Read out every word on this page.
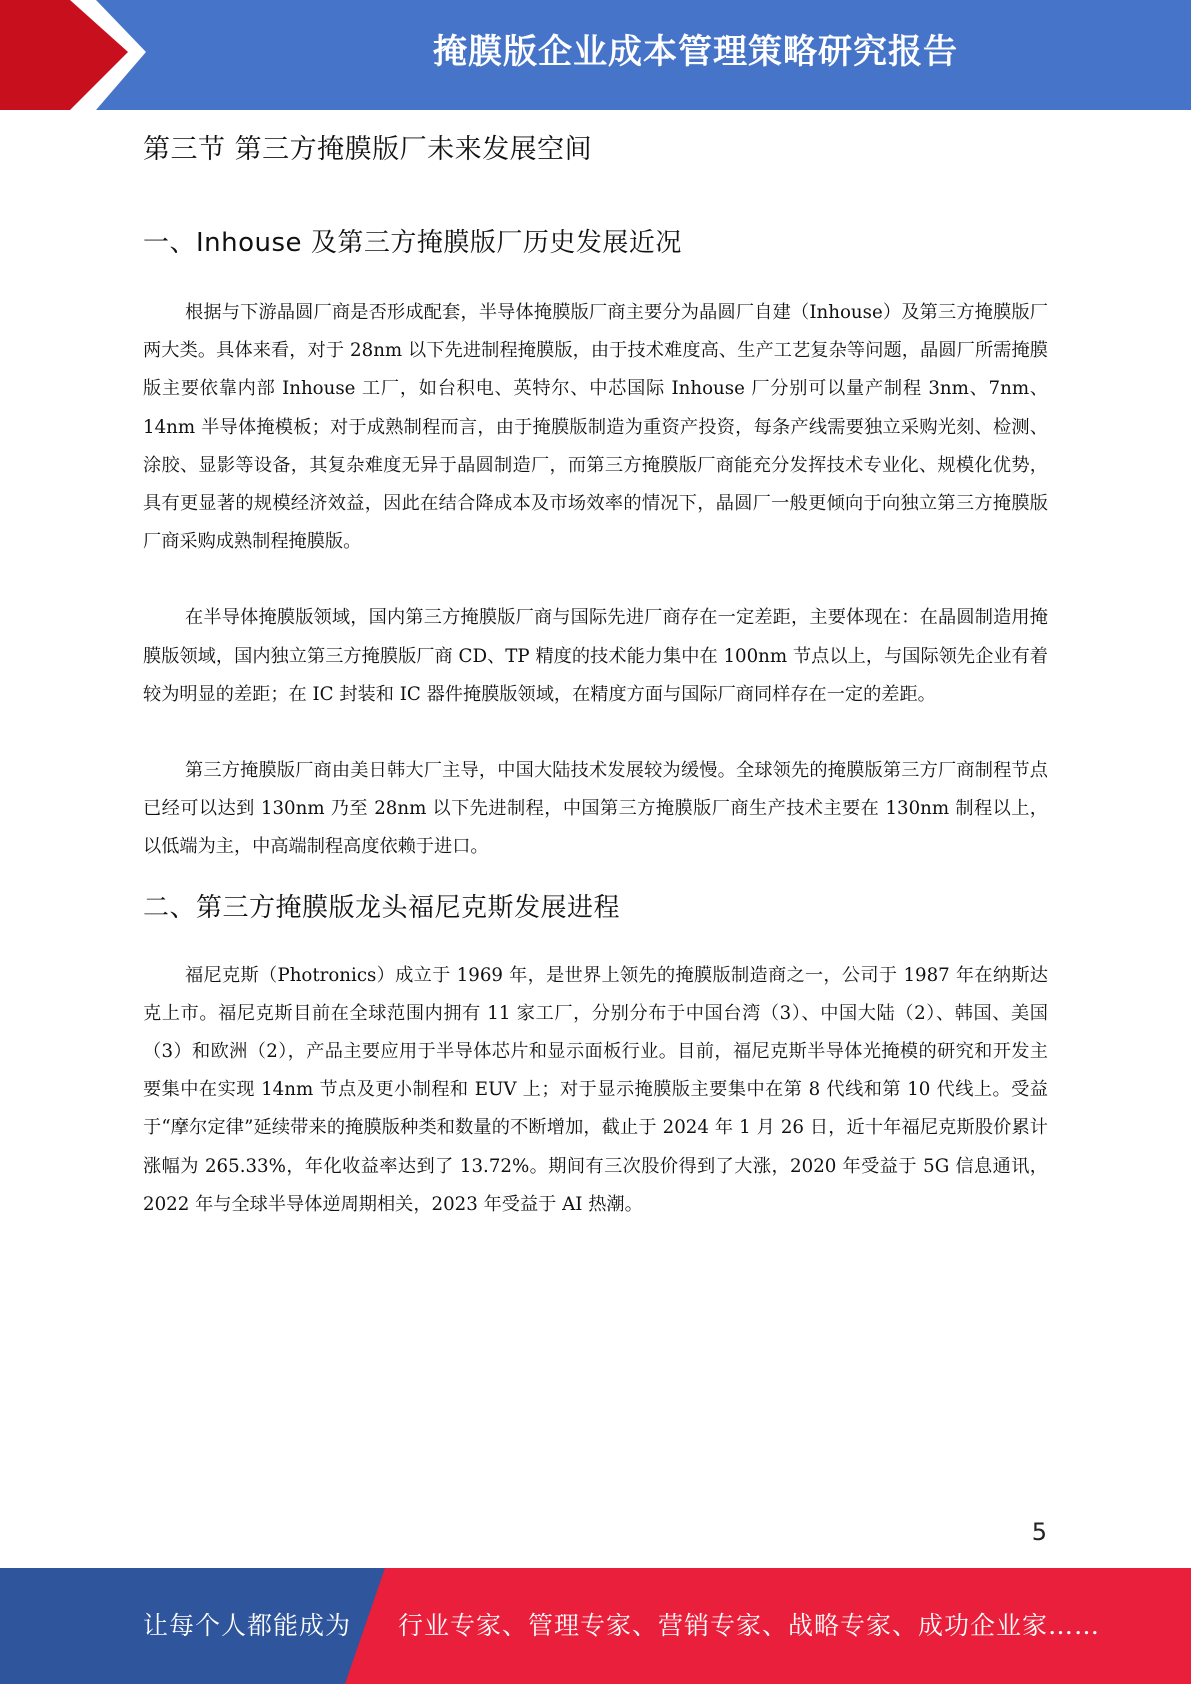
掩膜版企业成本管理策略研究报告
第三节 第三方掩膜版厂未来发展空间
一、Inhouse 及第三方掩膜版厂历史发展近况

根据与下游晶圆厂商是否形成配套，半导体掩膜版厂商主要分为晶圆厂自建（Inhouse）及第三方掩膜版厂两大类。具体来看，对于 28nm 以下先进制程掩膜版，由于技术难度高、生产工艺复杂等问题，晶圆厂所需掩膜版主要依靠内部 Inhouse 工厂，如台积电、英特尔、中芯国际 Inhouse 厂分别可以量产制程 3nm、7nm、14nm 半导体掩模板；对于成熟制程而言，由于掩膜版制造为重资产投资，每条产线需要独立采购光刻、检测、涂胶、显影等设备，其复杂难度无异于晶圆制造厂，而第三方掩膜版厂商能充分发挥技术专业化、规模化优势，具有更显著的规模经济效益，因此在结合降成本及市场效率的情况下，晶圆厂一般更倾向于向独立第三方掩膜版厂商采购成熟制程掩膜版。

在半导体掩膜版领域，国内第三方掩膜版厂商与国际先进厂商存在一定差距，主要体现在：在晶圆制造用掩膜版领域，国内独立第三方掩膜版厂商 CD、TP 精度的技术能力集中在 100nm 节点以上，与国际领先企业有着较为明显的差距；在 IC 封装和 IC 器件掩膜版领域，在精度方面与国际厂商同样存在一定的差距。

第三方掩膜版厂商由美日韩大厂主导，中国大陆技术发展较为缓慢。全球领先的掩膜版第三方厂商制程节点已经可以达到 130nm 乃至 28nm 以下先进制程，中国第三方掩膜版厂商生产技术主要在 130nm 制程以上，以低端为主，中高端制程高度依赖于进口。

二、第三方掩膜版龙头福尼克斯发展进程

福尼克斯（Photronics）成立于 1969 年，是世界上领先的掩膜版制造商之一，公司于 1987 年在纳斯达克上市。福尼克斯目前在全球范围内拥有 11 家工厂，分别分布于中国台湾（3）、中国大陆（2）、韩国、美国（3）和欧洲（2），产品主要应用于半导体芯片和显示面板行业。目前，福尼克斯半导体光掩模的研究和开发主要集中在实现 14nm 节点及更小制程和 EUV 上；对于显示掩膜版主要集中在第 8 代线和第 10 代线上。受益于“摩尔定律”延续带来的掩膜版种类和数量的不断增加，截止于 2024 年 1 月 26 日，近十年福尼克斯股价累计涨幅为 265.33%，年化收益率达到了 13.72%。期间有三次股价得到了大涨，2020 年受益于 5G 信息通讯，2022 年与全球半导体逆周期相关，2023 年受益于 AI 热潮。

5
让每个人都能成为 行业专家、管理专家、营销专家、战略专家、成功企业家……
